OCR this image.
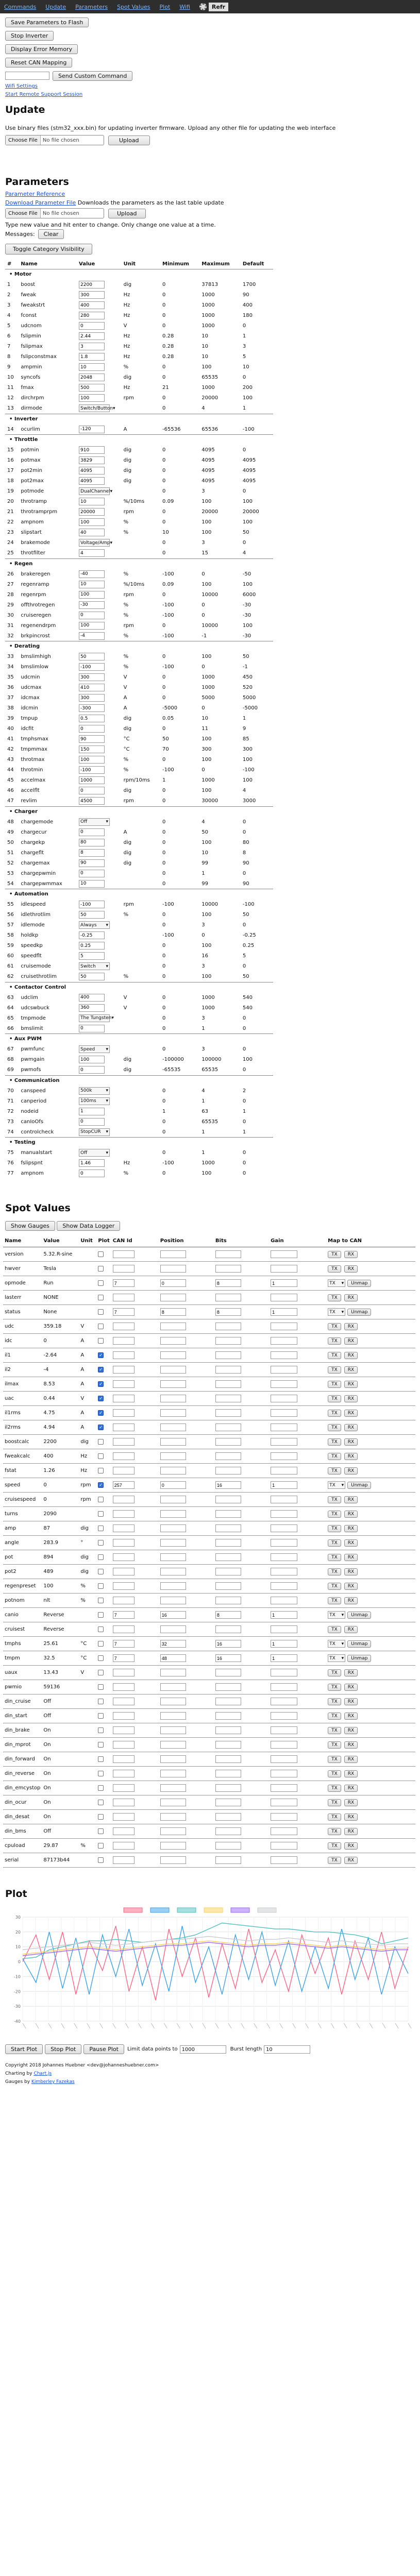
Commands Update Parameters Spot Values Plot Wifi	Refr
Save Parameters to Flash
Stop Inverter
Display Error Memory
Reset CAN Mapping
Send Custom Command
Wifi Settings
Start Remote Support Session
Update
Use binary files (stm32_xxx.bin) for updating inverter firmware. Upload any other file for updating the web interface
Choose File	No file chosen	Upload
Parameters
Parameter Reference
Download Parameter File Downloads the parameters as the last table update
Choose File	No file chosen	Upload
Type new value and hit enter to change. Only change one value at a time.
Messages:	Clear
Toggle Category Visibility
#	Name	Value	Unit	Minimum	Maximum	Default

• Motor						
1	boost	2200	dig	0	37813	1700
2	fweak	300	Hz	0	1000	90
3	fweakstrt	400	Hz	0	1000	400
4	fconst	280	Hz	0	1000	180
5	udcnom	0	V	0	1000	0
6	fslipmin	2.44	Hz	0.28	10	1
7	fslipmax	3	Hz	0.28	10	3
8	fslipconstmax	1.8	Hz	0.28	10	5
9	ampmin	10	%	0	100	10
10	syncofs	2048	dig	0	65535	0
11	fmax	500	Hz	21	1000	200
12	dirchrpm	100	rpm	0	20000	100
13	dirmode	Switch/Button ▾		0	4	1

• Inverter						
14	ocurlim	-120	A	-65536	65536	-100

• Throttle						
15	potmin	910	dig	0	4095	0
16	potmax	3829	dig	0	4095	4095
17	pot2min	4095	dig	0	4095	4095
18	pot2max	4095	dig	0	4095	4095
19	potmode	DualChannel ▾		0	3	0
20	throtramp	10	%/10ms	0.09	100	100
21	throtramprpm	20000	rpm	0	20000	20000
22	ampnom	100	%	0	100	100
23	slipstart	40	%	10	100	50
24	brakemode	Voltage/Amp ▾		0	3	0
25	throtfilter	4		0	15	4

• Regen						
26	brakeregen	-40	%	-100	0	-50
27	regenramp	10	%/10ms	0.09	100	100
28	regenrpm	100	rpm	0	10000	6000
29	offthrotregen	-30	%	-100	0	-30
30	cruiseregen	0	%	-100	0	-30
31	regenendrpm	100	rpm	0	10000	100
32	brkpincrost	-4	%	-100	-1	-30

• Derating						
33	bmslimhigh	50	%	0	100	50
34	bmslimlow	-100	%	-100	0	-1
35	udcmin	300	V	0	1000	450
36	udcmax	410	V	0	1000	520
37	idcmax	300	A	0	5000	5000
38	idcmin	-300	A	-5000	0	-5000
39	tmpup	0.5	dig	0.05	10	1
40	idcfit	0	dig	0	11	9
41	tmphsmax	90	°C	50	100	85
42	tmpmmax	150	°C	70	300	300
43	throtmax	100	%	0	100	100
44	throtmin	-100	%	-100	0	-100
45	accelmax	1000	rpm/10ms	1	1000	100
46	accelflt	0	dig	0	100	4
47	revlim	4500	rpm	0	30000	3000

• Charger						
48	chargemode	Off ▾		0	4	0
49	chargecur	0	A	0	50	0
50	chargekp	80	dig	0	100	80
51	chargeflt	8	dig	0	10	8
52	chargemax	90	dig	0	99	90
53	chargepwmin	0		0	1	0
54	chargepwmmax	10		0	99	90

• Automation						
55	idlespeed	-100	rpm	-100	10000	-100
56	idlethrotlim	50	%	0	100	50
57	idlemode	Always ▾		0	3	0
58	holdkp	-0.25		-100	0	-0.25
59	speedkp	0.25		0	100	0.25
60	speedflt	5		0	16	5
61	cruisemode	Switch ▾		0	3	0
62	cruisethrotlim	50	%	0	100	50

• Contactor Control						
63	udclim	400	V	0	1000	540
64	udcswbuck	360	V	0	1000	540
65	tmpmode	The Tungsten ▾		0	3	0
66	bmslimit	0		0	1	0

• Aux PWM						
67	pwmfunc	Speed ▾		0	3	0
68	pwmgain	100	dig	-100000	100000	100
69	pwmofs	0	dig	-65535	65535	0

• Communication						
70	canspeed	500k ▾		0	4	2
71	canperiod	100ms ▾		0	1	0
72	nodeid	1		1	63	1
73	canIoOfs	0		0	65535	0
74	controlcheck	StopCUR ▾		0	1	1

• Testing						
75	manualstart	Off ▾		0	1	0
76	fslipspnt	1.46	Hz	-100	1000	0
77	ampnom	0	%	0	100	0
Spot Values
Show Gauges Show Data Logger
Name	Value	Unit	Plot	CAN Id	Position	Bits	Gain	Map to CAN
version	5.32.R-sine							TX RX
hwver	Tesla							TX RX
opmode	Run			7	0	8	1	TX ▾ Unmap
lasterr	NONE							TX RX
status	None			7	8	8	1	TX ▾ Unmap
udc	359.18	V						TX RX
idc	0	A						TX RX
il1	-2.64	A	✓					TX RX
il2	-4	A	✓					TX RX
ilmax	8.53	A	✓					TX RX
uac	0.44	V	✓					TX RX
il1rms	4.75	A	✓					TX RX
il2rms	4.94	A	✓					TX RX
boostcalc	2200	dig						TX RX
fweakcalc	400	Hz						TX RX
fstat	1.26	Hz						TX RX
speed	0	rpm	✓	257	0	16	1	TX ▾ Unmap
cruisespeed	0	rpm						TX RX
turns	2090							TX RX
amp	87	dig						TX RX
angle	283.9	°						TX RX
pot	894	dig						TX RX
pot2	489	dig						TX RX
regenpreset	100	%						TX RX
potnom	nlt	%						TX RX
canio	Reverse			7	16	8	1	TX ▾ Unmap
cruisest	Reverse							TX RX
tmphs	25.61	°C		7	32	16	1	TX ▾ Unmap
tmpm	32.5	°C		7	48	16	1	TX ▾ Unmap
uaux	13.43	V						TX RX
pwmio	59136							TX RX
din_cruise	Off							TX RX
din_start	Off							TX RX
din_brake	On							TX RX
din_mprot	On							TX RX
din_forward	On							TX RX
din_reverse	On							TX RX
din_emcystop	On							TX RX
din_ocur	On							TX RX
din_desat	On							TX RX
din_bms	Off							TX RX
cpuload	29.87	%						TX RX
serial	87173b44							TX RX
Plot
30
20
10
0
-10
-20
-30
-40
Start Plot	Stop Plot	Pause Plot	Limit data points to 1000	Burst length 10
Copyright 2018 Johannes Huebner <dev@johanneshuebner.com>
Charting by Chart.js
Gauges by Kimberley Fazekas
